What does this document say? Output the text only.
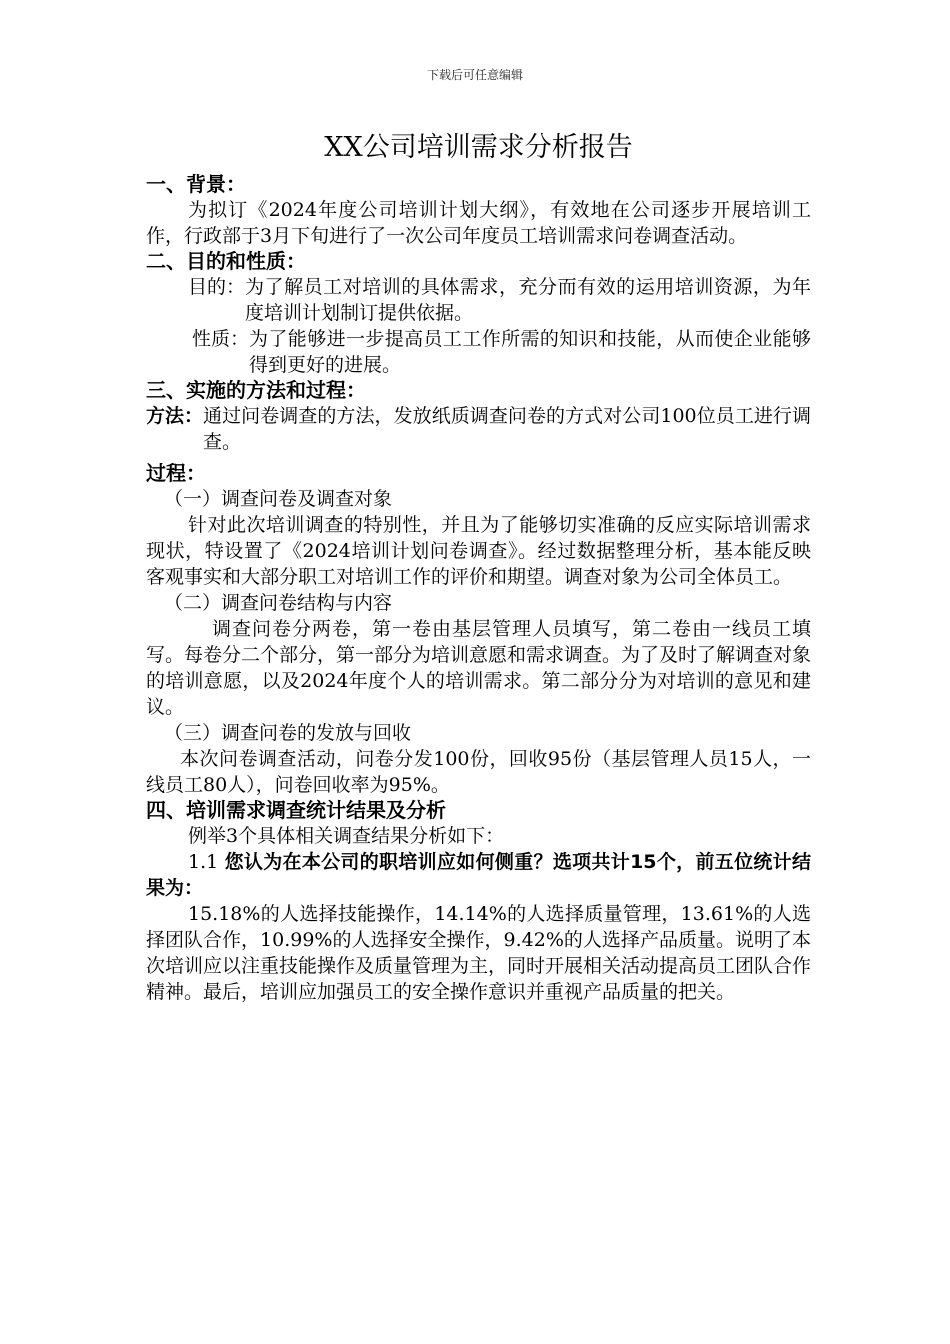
下载后可任意编辑
XX公司培训需求分析报告
一、背景：

为拟订《2024年度公司培训计划大纲》，有效地在公司逐步开展培训工作，行政部于3月下旬进行了一次公司年度员工培训需求问卷调查活动。

二、目的和性质：
目的： 为了解员工对培训的具体需求，充分而有效的运用培训资源，为年度培训计划制订提供依据。
性质： 为了能够进一步提高员工工作所需的知识和技能，从而使企业能够得到更好的进展。
三、实施的方法和过程：
方法： 通过问卷调查的方法，发放纸质调查问卷的方式对公司100位员工进行调查。
过程：

（一）调查问卷及调查对象

针对此次培训调查的特别性，并且为了能够切实准确的反应实际培训需求现状，特设置了《2024培训计划问卷调查》。经过数据整理分析，基本能反映客观事实和大部分职工对培训工作的评价和期望。调查对象为公司全体员工。

（二）调查问卷结构与内容

调查问卷分两卷，第一卷由基层管理人员填写，第二卷由一线员工填写。每卷分二个部分，第一部分为培训意愿和需求调查。为了及时了解调查对象的培训意愿，以及2024年度个人的培训需求。第二部分分为对培训的意见和建议。

（三）调查问卷的发放与回收

本次问卷调查活动，问卷分发100份，回收95份（基层管理人员15人，一线员工80人），问卷回收率为95%。

四、培训需求调查统计结果及分析

例举3个具体相关调查结果分析如下：

1.1 您认为在本公司的职培训应如何侧重？选项共计15个，前五位统计结果为：

15.18%的人选择技能操作，14.14%的人选择质量管理，13.61%的人选择团队合作，10.99%的人选择安全操作，9.42%的人选择产品质量。说明了本次培训应以注重技能操作及质量管理为主，同时开展相关活动提高员工团队合作精神。最后，培训应加强员工的安全操作意识并重视产品质量的把关。
